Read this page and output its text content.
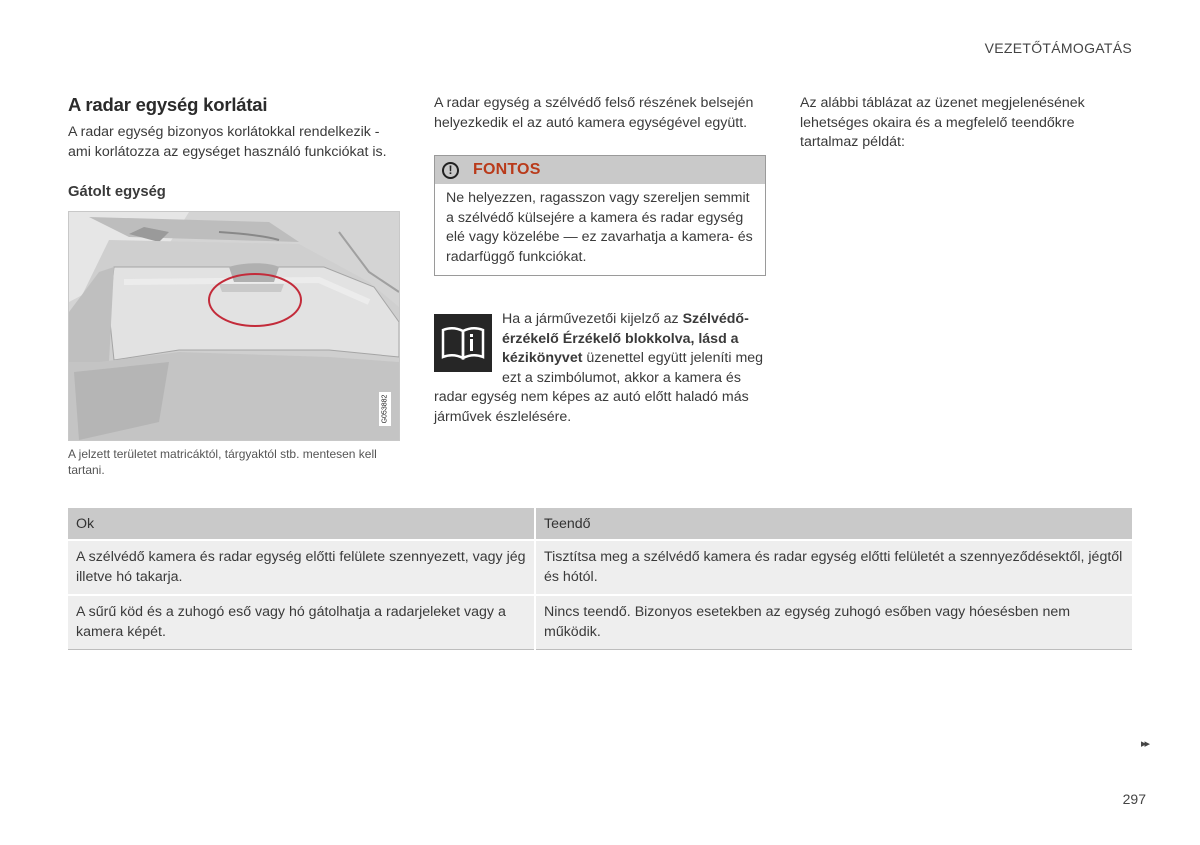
VEZETŐTÁMOGATÁS
A radar egység korlátai

A radar egység bizonyos korlátokkal rendelkezik - ami korlátozza az egységet használó funkciókat is.

Gátolt egység
G053882
A jelzett területet matricáktól, tárgyaktól stb. mentesen kell tartani.

A radar egység a szélvédő felső részének belsején helyezkedik el az autó kamera egységével együtt.

!	FONTOS
Ne helyezzen, ragasszon vagy szereljen semmit a szélvédő külsejére a kamera és radar egység elé vagy közelébe — ez zavarhatja a kamera- és radarfüggő funkciókat.

Ha a járművezetői kijelző az Szélvédő-érzékelő Érzékelő blokkolva, lásd a kézikönyvet üzenettel együtt jeleníti meg ezt a szimbólumot, akkor a kamera és radar egység nem képes az autó előtt haladó más járművek észlelésére.

Az alábbi táblázat az üzenet megjelenésének lehetséges okaira és a megfelelő teendőkre tartalmaz példát:

Ok	Teendő
A szélvédő kamera és radar egység előtti felülete szennyezett, vagy jég illetve hó takarja.	Tisztítsa meg a szélvédő kamera és radar egység előtti felületét a szennyeződésektől, jégtől és hótól.
A sűrű köd és a zuhogó eső vagy hó gátolhatja a radarjeleket vagy a kamera képét.	Nincs teendő. Bizonyos esetekben az egység zuhogó esőben vagy hóesésben nem működik.
▸▸
297
